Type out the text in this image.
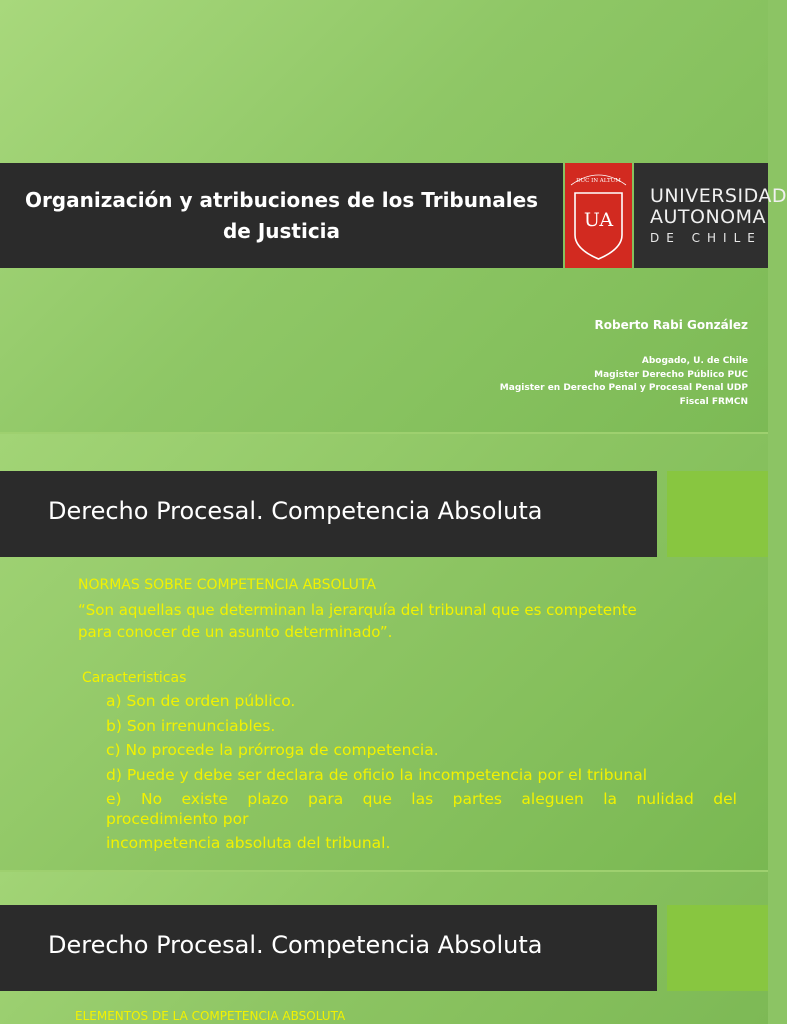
Organización y atribuciones de los Tribunales de Justicia
DUC IN ALTUM
UA
UNIVERSIDAD
AUTONOMA
DE CHILE
Roberto Rabi González
Abogado, U. de Chile
Magister Derecho Público PUC
Magister en Derecho Penal y Procesal Penal UDP
Fiscal FRMCN
Derecho Procesal. Competencia Absoluta
NORMAS SOBRE COMPETENCIA ABSOLUTA
“Son aquellas que determinan la jerarquía del tribunal que es competente
para conocer de un asunto determinado”.
Caracteristicas

a) Son de orden público.

b) Son irrenunciables.

c) No procede la prórroga de competencia.

d) Puede y debe ser declara de oficio la incompetencia por el tribunal

e) No existe plazo para que las partes aleguen la nulidad del

procedimiento por

incompetencia absoluta del tribunal.

Derecho Procesal. Competencia Absoluta
ELEMENTOS DE LA COMPETENCIA ABSOLUTA
